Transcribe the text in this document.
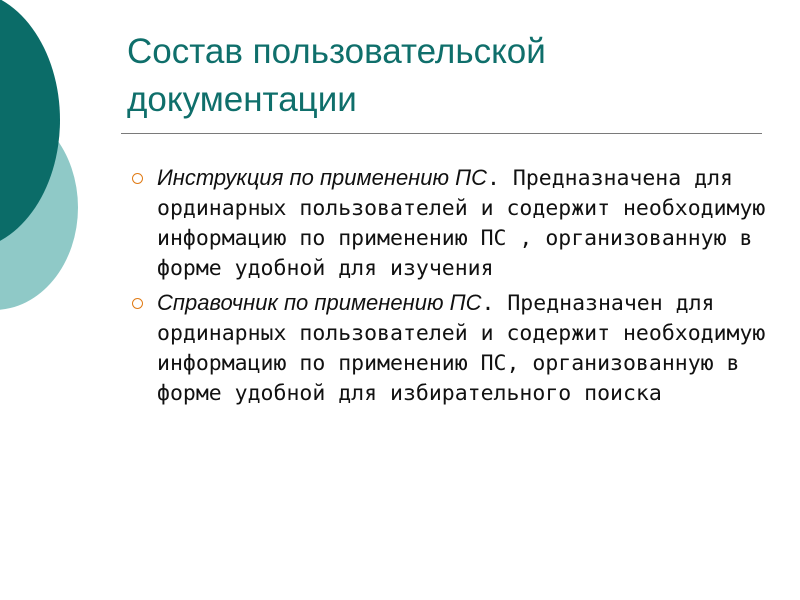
Состав пользовательской документации
Инструкция по применению ПС. Предназначена для ординарных пользователей и содержит необходимую информацию по применению ПС , организованную в форме удобной для изучения
Справочник по применению ПС. Предназначен для ординарных пользователей и содержит необходимую информацию по применению ПС, организованную в форме удобной для избирательного поиска
